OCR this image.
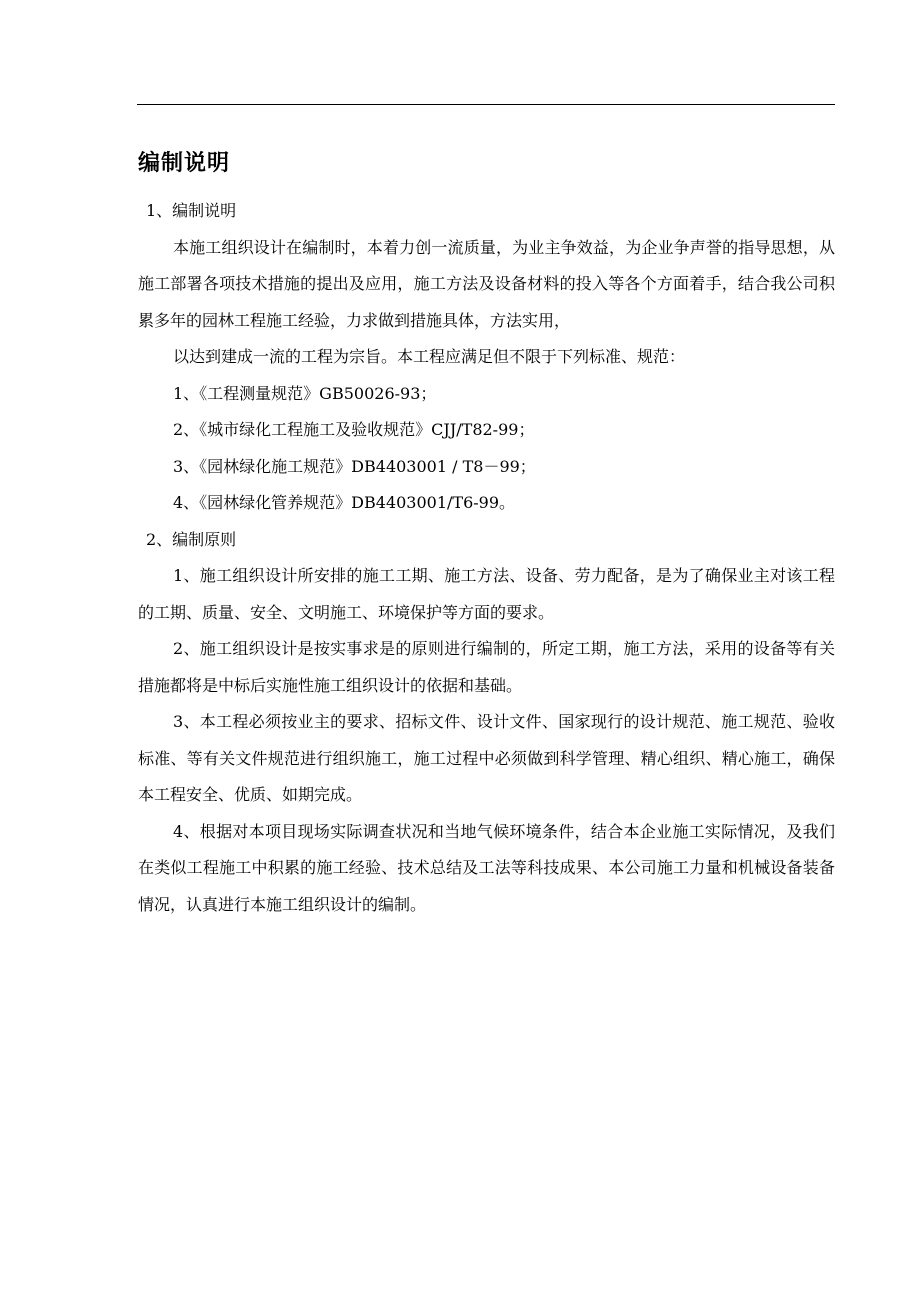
编制说明

1、编制说明

本施工组织设计在编制时，本着力创一流质量，为业主争效益，为企业争声誉的指导思想，从施工部署各项技术措施的提出及应用，施工方法及设备材料的投入等各个方面着手，结合我公司积累多年的园林工程施工经验，力求做到措施具体，方法实用，

以达到建成一流的工程为宗旨。本工程应满足但不限于下列标准、规范：

1、《工程测量规范》GB50026-93；

2、《城市绿化工程施工及验收规范》CJJ/T82-99；

3、《园林绿化施工规范》DB4403001 / T8－99；

4、《园林绿化管养规范》DB4403001/T6-99。

2、编制原则

1、施工组织设计所安排的施工工期、施工方法、设备、劳力配备，是为了确保业主对该工程的工期、质量、安全、文明施工、环境保护等方面的要求。

2、施工组织设计是按实事求是的原则进行编制的，所定工期，施工方法，采用的设备等有关措施都将是中标后实施性施工组织设计的依据和基础。

3、本工程必须按业主的要求、招标文件、设计文件、国家现行的设计规范、施工规范、验收标准、等有关文件规范进行组织施工，施工过程中必须做到科学管理、精心组织、精心施工，确保本工程安全、优质、如期完成。

4、根据对本项目现场实际调查状况和当地气候环境条件，结合本企业施工实际情况，及我们在类似工程施工中积累的施工经验、技术总结及工法等科技成果、本公司施工力量和机械设备装备情况，认真进行本施工组织设计的编制。
